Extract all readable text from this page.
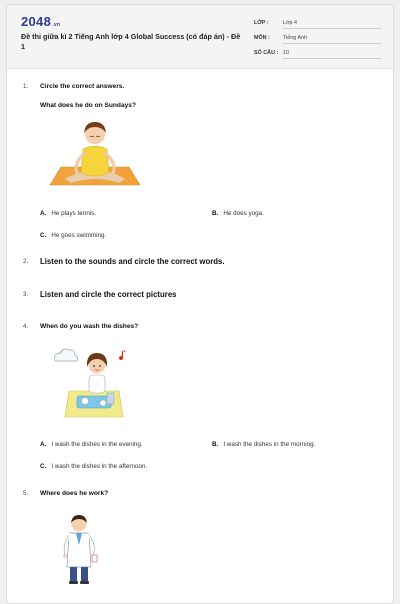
2048.vn
Đề thi giữa kì 2 Tiếng Anh lớp 4 Global Success (có đáp án) - Đề 1
LỚP :	Lớp 4
MÔN : Tiếng Anh
SỐ CÂU : 10
1. Circle the correct answers.
What does he do on Sundays?
A. He plays tennis.	B. He does yoga.
C. He goes swimming.
2. Listen to the sounds and circle the correct words.
3. Listen and circle the correct pictures
4. When do you wash the dishes?
A. I wash the dishes in the evening.	B. I wash the dishes in the morning.
C. I wash the dishes in the afternoon.
5. Where does he work?
